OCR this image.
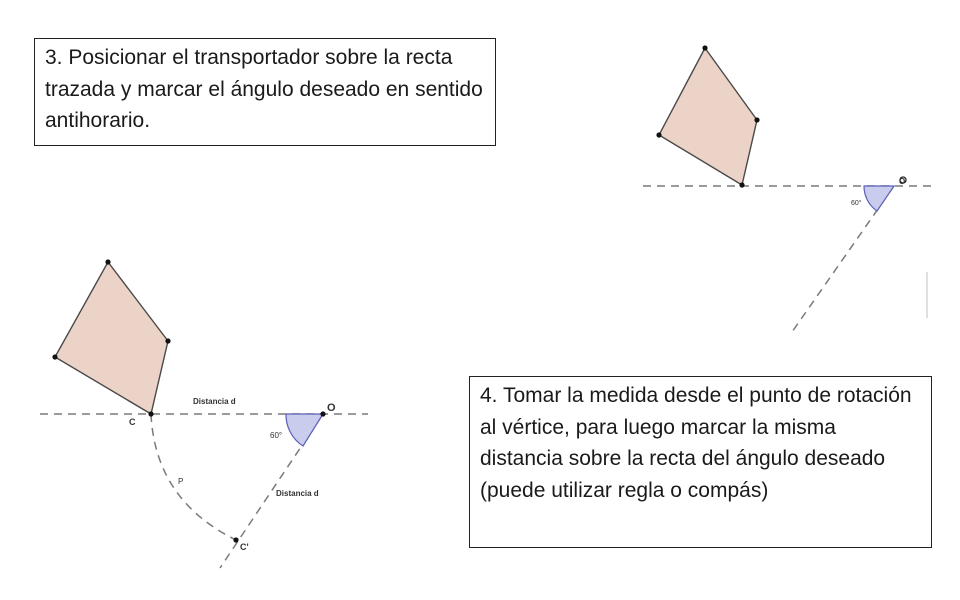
3. Posicionar el transportador sobre la recta trazada y marcar el ángulo deseado en sentido antihorario.

4. Tomar la medida desde el punto de rotación al vértice, para luego marcar la misma distancia sobre la recta del ángulo deseado (puede utilizar regla o compás)

60°
O
60°
C
O
Distancia d
Distancia d
P
C'
